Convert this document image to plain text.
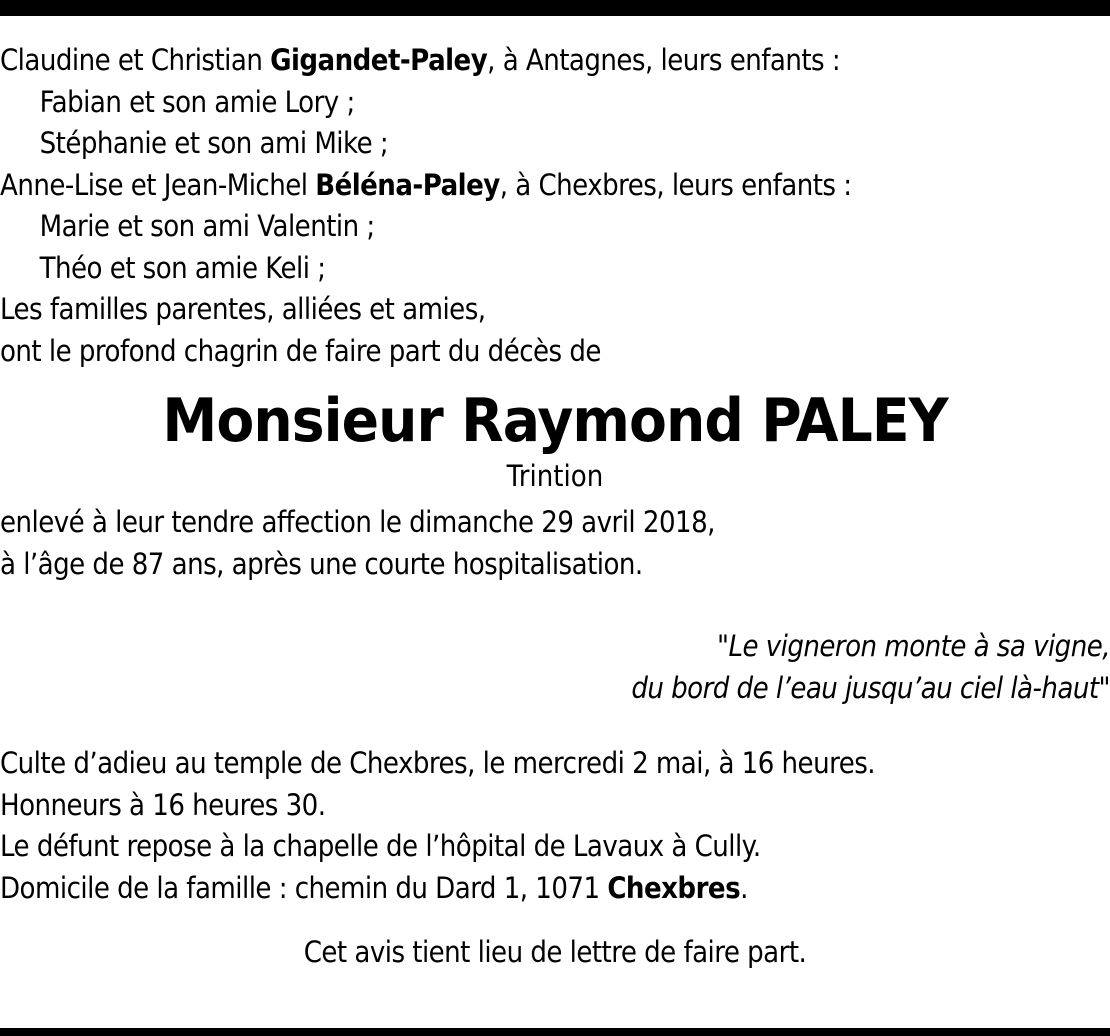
Claudine et Christian Gigandet-Paley, à Antagnes, leurs enfants :
Fabian et son amie Lory ;
Stéphanie et son ami Mike ;
Anne-Lise et Jean-Michel Béléna-Paley, à Chexbres, leurs enfants :
Marie et son ami Valentin ;
Théo et son amie Keli ;
Les familles parentes, alliées et amies,
ont le profond chagrin de faire part du décès de
Monsieur Raymond PALEY
Trintion
enlevé à leur tendre affection le dimanche 29 avril 2018,
à l’âge de 87 ans, après une courte hospitalisation.
"Le vigneron monte à sa vigne,
du bord de l’eau jusqu’au ciel là-haut"
Culte d’adieu au temple de Chexbres, le mercredi 2 mai, à 16 heures.
Honneurs à 16 heures 30.
Le défunt repose à la chapelle de l’hôpital de Lavaux à Cully.
Domicile de la famille : chemin du Dard 1, 1071 Chexbres.
Cet avis tient lieu de lettre de faire part.
